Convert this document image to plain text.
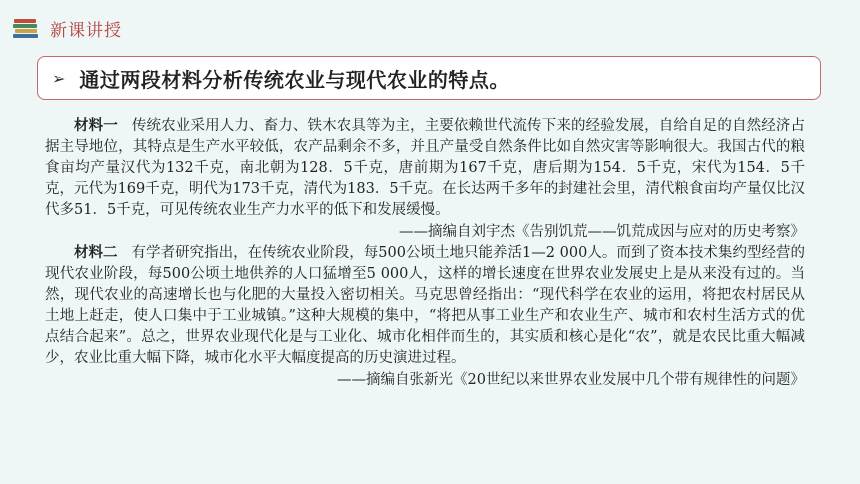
新课讲授
➢ 通过两段材料分析传统农业与现代农业的特点。

材料一 传统农业采用人力、畜力、铁木农具等为主，主要依赖世代流传下来的经验发展，自给自足的自然经济占据主导地位，其特点是生产水平较低，农产品剩余不多，并且产量受自然条件比如自然灾害等影响很大。我国古代的粮食亩均产量汉代为132千克，南北朝为128．5千克，唐前期为167千克，唐后期为154．5千克，宋代为154．5千克，元代为169千克，明代为173千克，清代为183．5千克。在长达两千多年的封建社会里，清代粮食亩均产量仅比汉代多51．5千克，可见传统农业生产力水平的低下和发展缓慢。

——摘编自刘宇杰《告别饥荒——饥荒成因与应对的历史考察》

材料二 有学者研究指出，在传统农业阶段，每500公顷土地只能养活1—2 000人。而到了资本技术集约型经营的现代农业阶段，每500公顷土地供养的人口猛增至5 000人，这样的增长速度在世界农业发展史上是从来没有过的。当然，现代农业的高速增长也与化肥的大量投入密切相关。马克思曾经指出：“现代科学在农业的运用，将把农村居民从土地上赶走，使人口集中于工业城镇。”这种大规模的集中，“将把从事工业生产和农业生产、城市和农村生活方式的优点结合起来”。总之，世界农业现代化是与工业化、城市化相伴而生的，其实质和核心是化“农”，就是农民比重大幅减少，农业比重大幅下降，城市化水平大幅度提高的历史演进过程。

——摘编自张新光《20世纪以来世界农业发展中几个带有规律性的问题》
